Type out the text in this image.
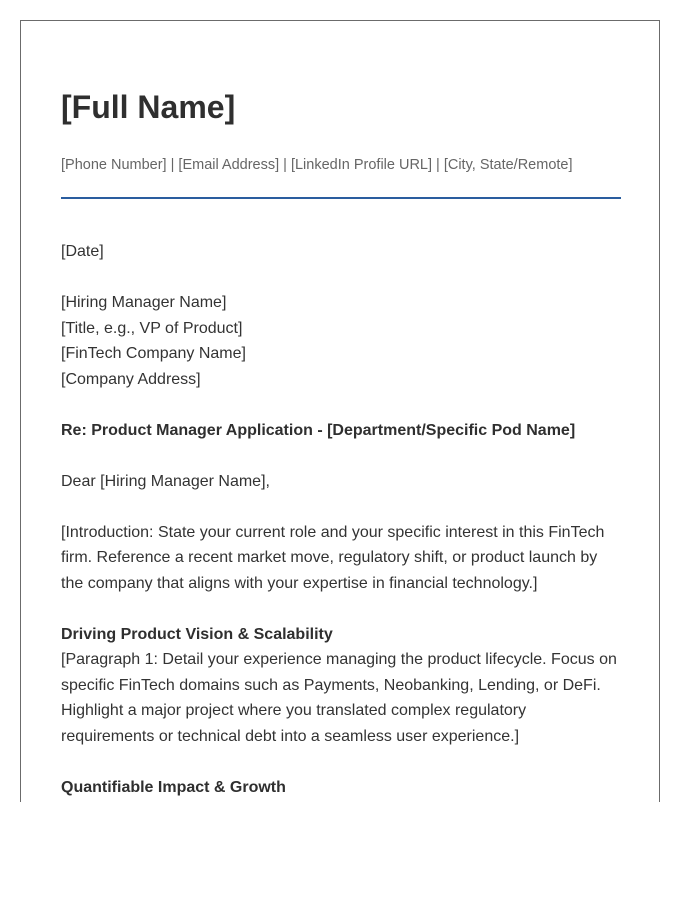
[Full Name]
[Phone Number] | [Email Address] | [LinkedIn Profile URL] | [City, State/Remote]

[Date]

[Hiring Manager Name]
[Title, e.g., VP of Product]
[FinTech Company Name]
[Company Address]

Re: Product Manager Application - [Department/Specific Pod Name]

Dear [Hiring Manager Name],

[Introduction: State your current role and your specific interest in this FinTech firm. Reference a recent market move, regulatory shift, or product launch by the company that aligns with your expertise in financial technology.]

Driving Product Vision & Scalability
[Paragraph 1: Detail your experience managing the product lifecycle. Focus on specific FinTech domains such as Payments, Neobanking, Lending, or DeFi. Highlight a major project where you translated complex regulatory requirements or technical debt into a seamless user experience.]

Quantifiable Impact & Growth
